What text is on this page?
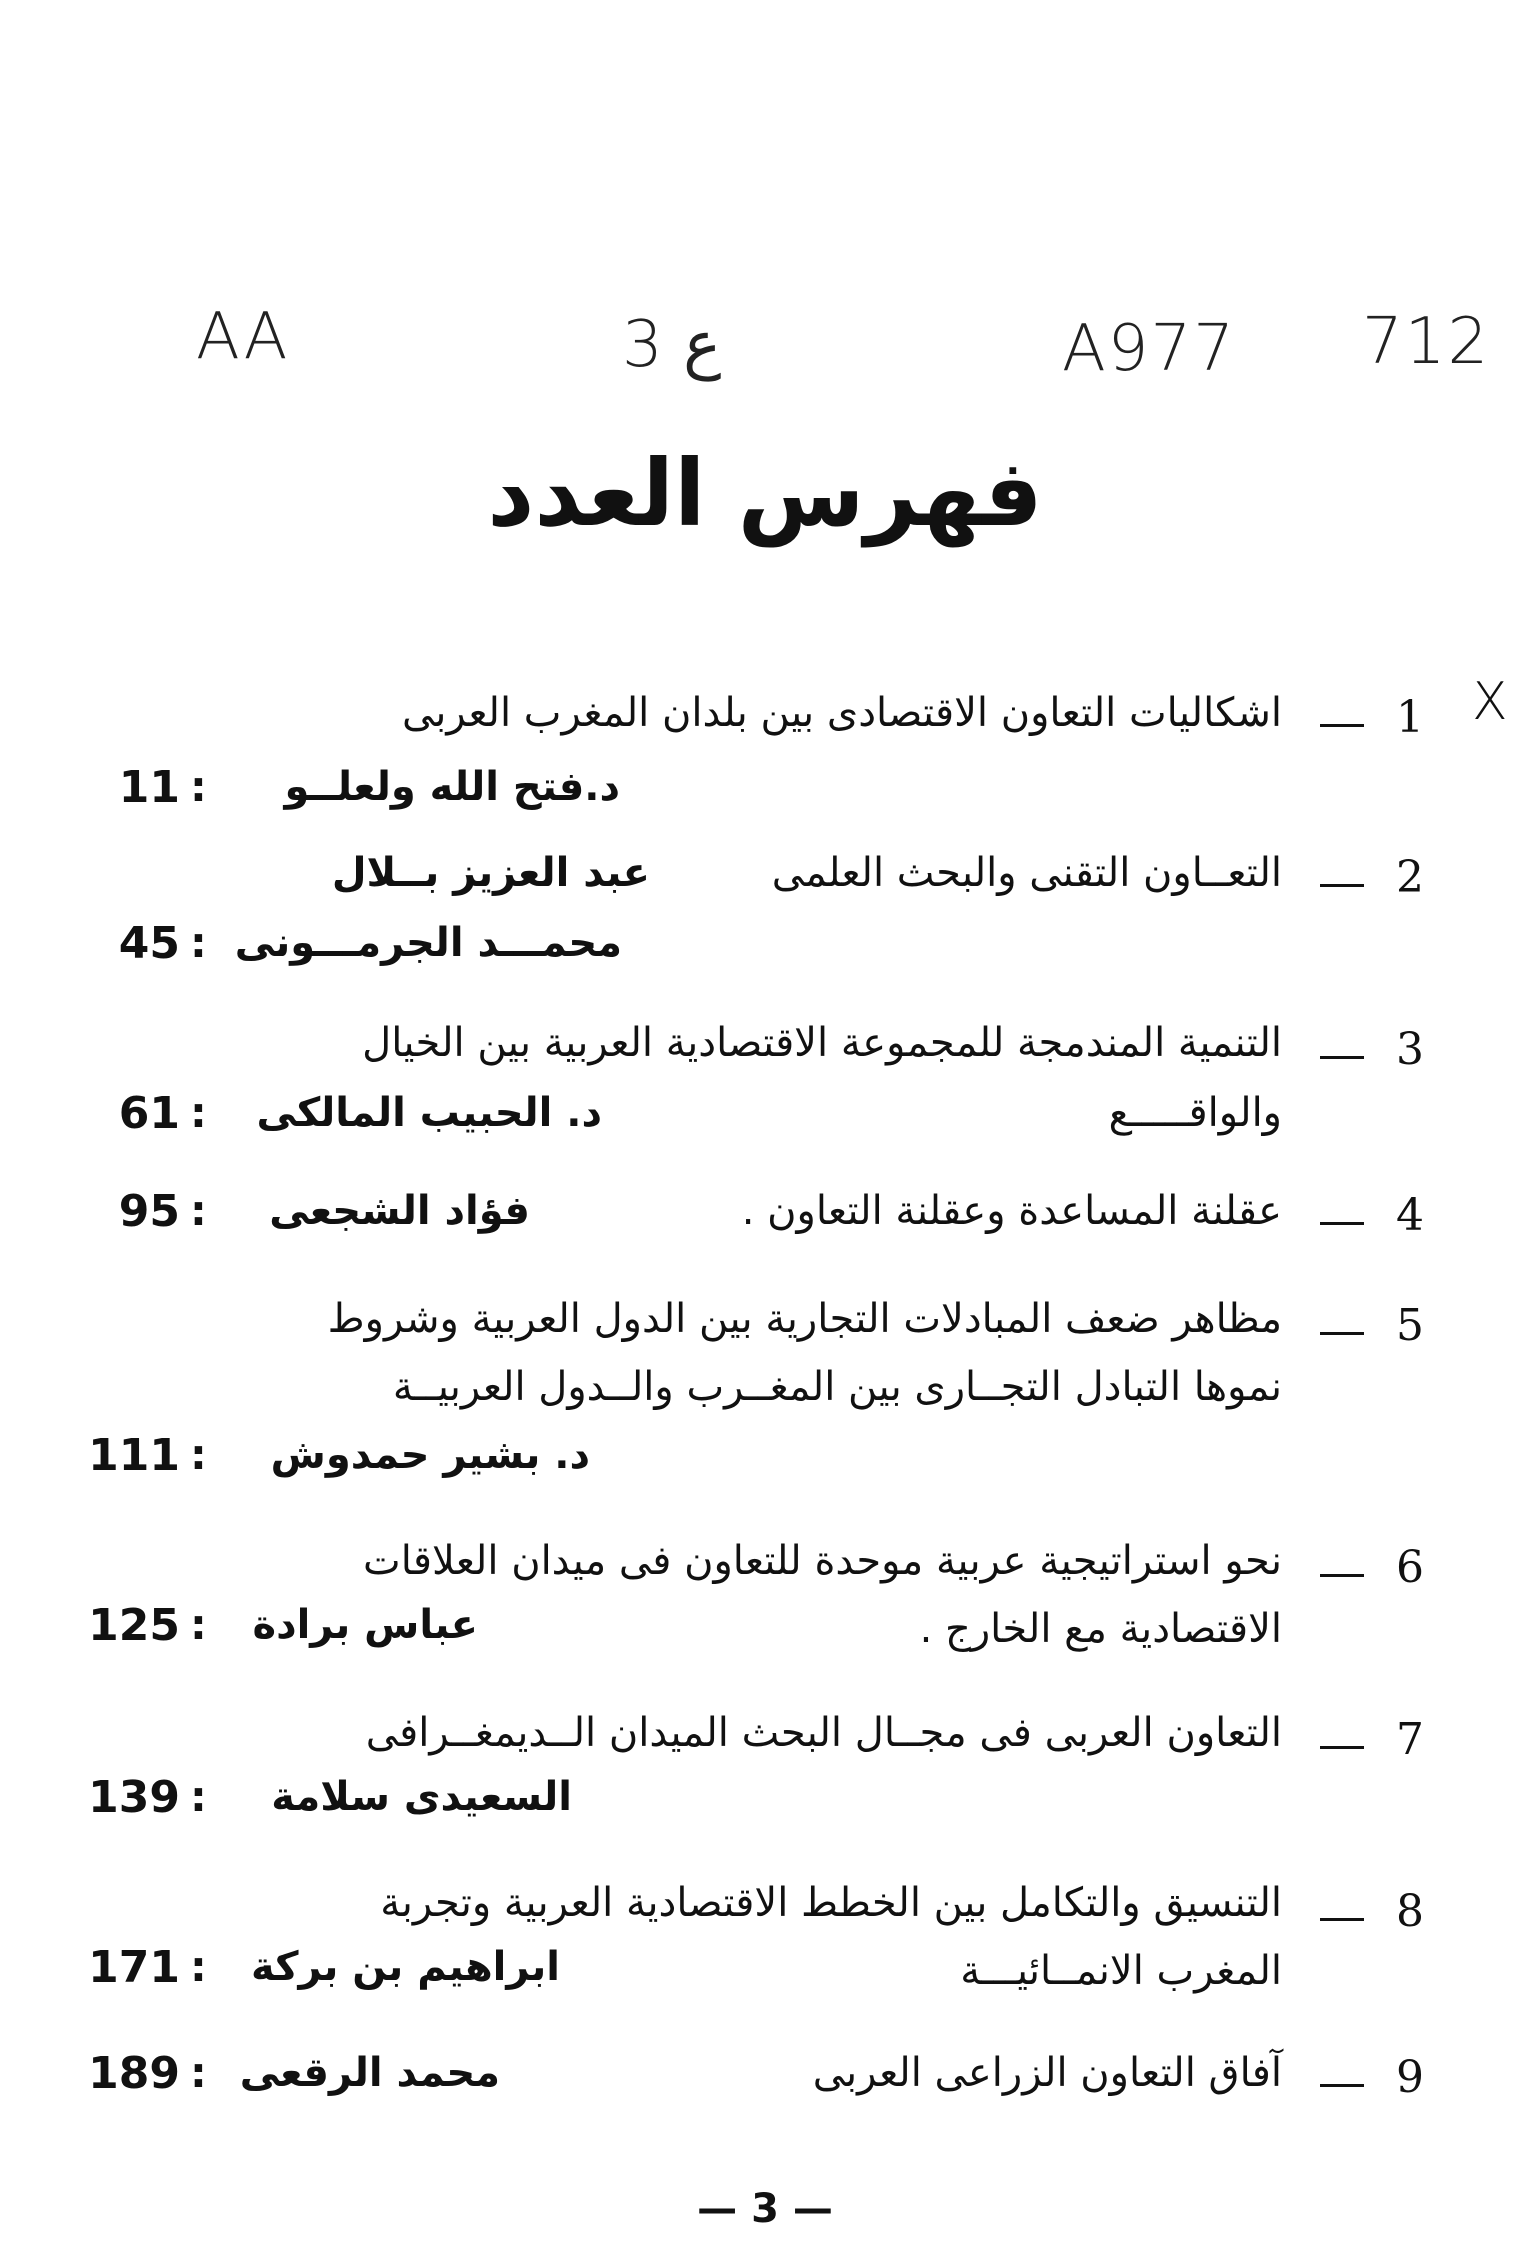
AA	3 ع	A977 712
فهرس العدد
X
1
اشكاليات التعاون الاقتصادى بين بلدان المغرب العربى
د.فتح الله ولعلــو
:
11
2
التعــاون التقنى والبحث العلمى
عبد العزيز بــلال
محمـــد الجرمـــونى
:
45
3
التنمية المندمجة للمجموعة الاقتصادية العربية بين الخيال
والواقـــــع
د. الحبيب المالكى
:
61
4
عقلنة المساعدة وعقلنة التعاون .
فؤاد الشجعى
:
95
5
مظاهر ضعف المبادلات التجارية بين الدول العربية وشروط
نموها التبادل التجــارى بين المغــرب والــدول العربيــة
د. بشير حمدوش
:
111
6
نحو استراتيجية عربية موحدة للتعاون فى ميدان العلاقات
الاقتصادية مع الخارج .
عباس برادة
:
125
7
التعاون العربى فى مجــال البحث الميدان الــديمغــرافى
السعيدى سلامة
:
139
8
التنسيق والتكامل بين الخطط الاقتصادية العربية وتجربة
المغرب الانمــائيـــة
ابراهيم بن بركة
:
171
9
آفاق التعاون الزراعى العربى
محمد الرقعى
:
189
— 3 —
